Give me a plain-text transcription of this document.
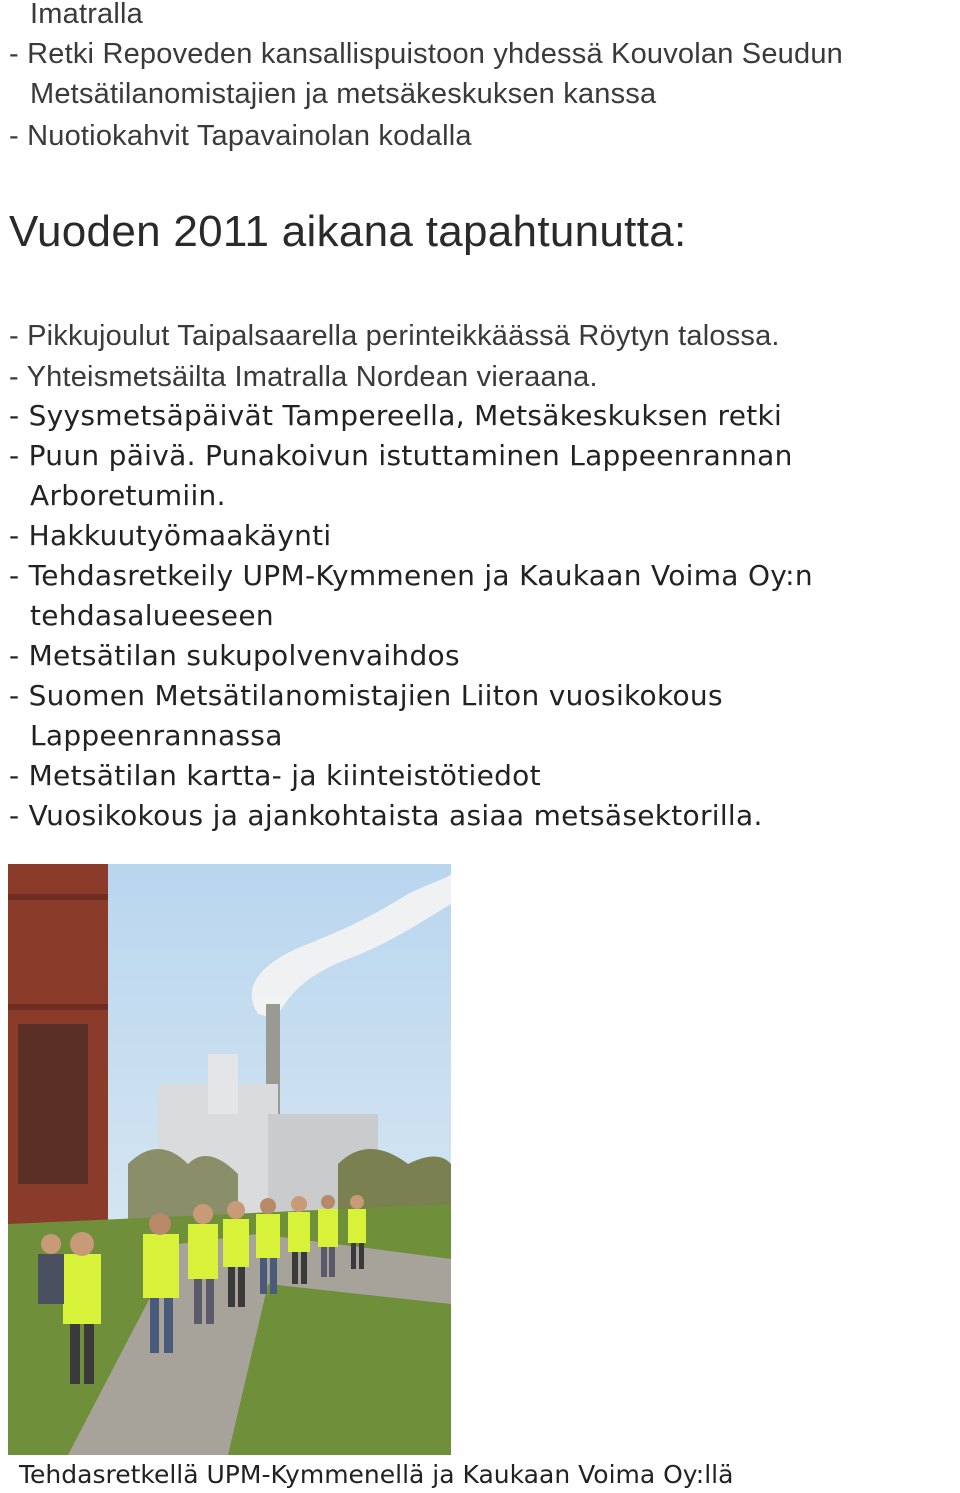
Imatralla
- Retki Repoveden kansallispuistoon yhdessä Kouvolan Seudun
Metsätilanomistajien ja metsäkeskuksen kanssa
- Nuotiokahvit Tapavainolan kodalla
Vuoden 2011 aikana tapahtunutta:
- Pikkujoulut Taipalsaarella perinteikkäässä Röytyn talossa.
- Yhteismetsäilta Imatralla Nordean vieraana.
- Syysmetsäpäivät Tampereella, Metsäkeskuksen retki
- Puun päivä. Punakoivun istuttaminen Lappeenrannan
Arboretumiin.
- Hakkuutyömaakäynti
- Tehdasretkeily UPM-Kymmenen ja Kaukaan Voima Oy:n
tehdasalueeseen
- Metsätilan sukupolvenvaihdos
- Suomen Metsätilanomistajien Liiton vuosikokous
Lappeenrannassa
- Metsätilan kartta- ja kiinteistötiedot
- Vuosikokous ja ajankohtaista asiaa metsäsektorilla.
Tehdasretkellä UPM-Kymmenellä ja Kaukaan Voima Oy:llä
